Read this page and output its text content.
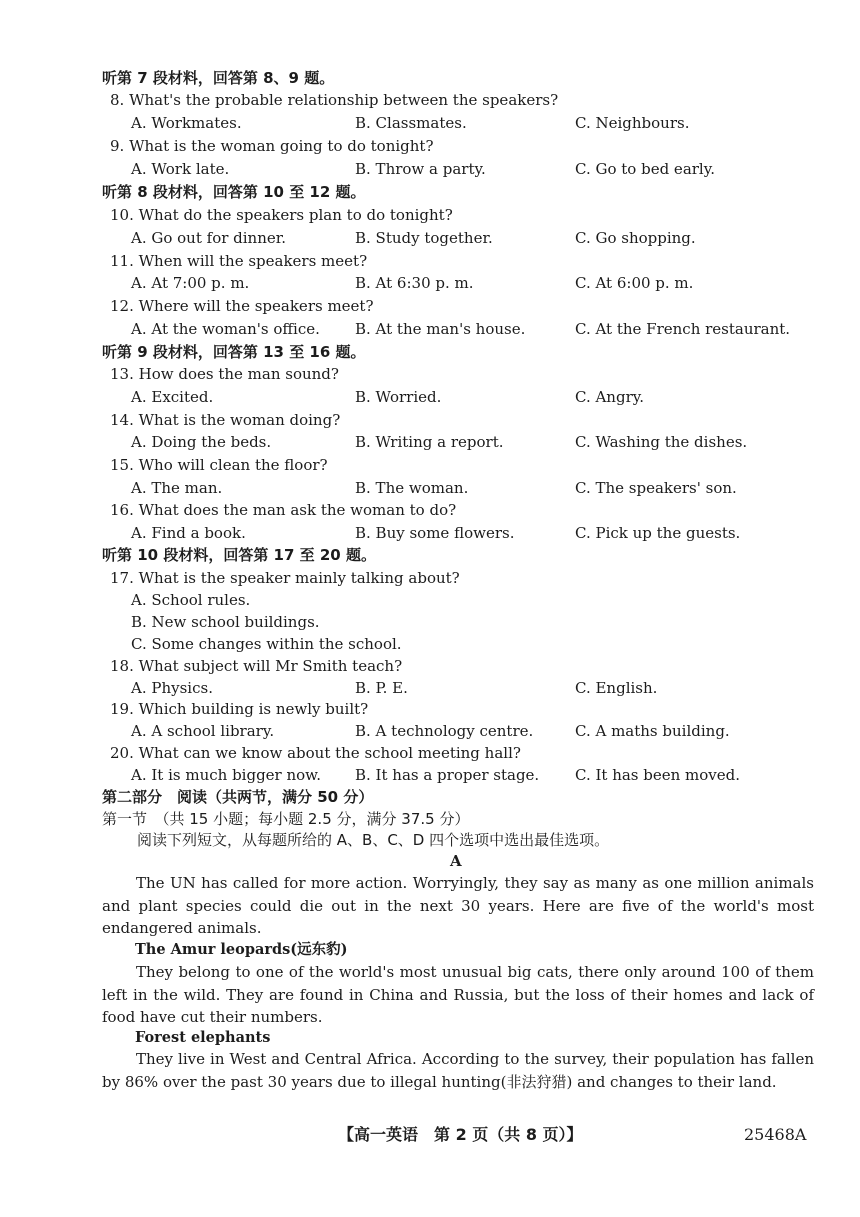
听第 7 段材料，回答第 8、9 题。
8. What's the probable relationship between the speakers?
A. Workmates.	B. Classmates.	C. Neighbours.
9. What is the woman going to do tonight?
A. Work late.	B. Throw a party.	C. Go to bed early.
听第 8 段材料，回答第 10 至 12 题。
10. What do the speakers plan to do tonight?
A. Go out for dinner.	B. Study together.	C. Go shopping.
11. When will the speakers meet?
A. At 7:00 p. m.	B. At 6:30 p. m.	C. At 6:00 p. m.
12. Where will the speakers meet?
A. At the woman's office. B. At the man's house.	C. At the French restaurant.
听第 9 段材料，回答第 13 至 16 题。
13. How does the man sound?
A. Excited.	B. Worried.	C. Angry.
14. What is the woman doing?
A. Doing the beds.	B. Writing a report.	C. Washing the dishes.
15. Who will clean the floor?
A. The man.	B. The woman.	C. The speakers' son.
16. What does the man ask the woman to do?
A. Find a book.	B. Buy some flowers.	C. Pick up the guests.
听第 10 段材料，回答第 17 至 20 题。
17. What is the speaker mainly talking about?
A. School rules.
B. New school buildings.
C. Some changes within the school.
18. What subject will Mr Smith teach?
A. Physics.	B. P. E.	C. English.
19. Which building is newly built?
A. A school library.	B. A technology centre.	C. A maths building.
20. What can we know about the school meeting hall?
A. It is much bigger now. B. It has a proper stage. C. It has been moved.
第二部分　阅读（共两节，满分 50 分）
第一节　（共 15 小题；每小题 2.5 分，满分 37.5 分）
阅读下列短文，从每题所给的 A、B、C、D 四个选项中选出最佳选项。
A
The UN has called for more action. Worryingly, they say as many as one million animals and plant species could die out in the next 30 years. Here are five of the world's most endangered animals.
The Amur leopards(远东豹)
They belong to one of the world's most unusual big cats, there only around 100 of them left in the wild. They are found in China and Russia, but the loss of their homes and lack of food have cut their numbers.
Forest elephants
They live in West and Central Africa. According to the survey, their population has fallen by 86% over the past 30 years due to illegal hunting(非法狩猎) and changes to their land.
【高一英语　第 2 页（共 8 页）】	25468A
